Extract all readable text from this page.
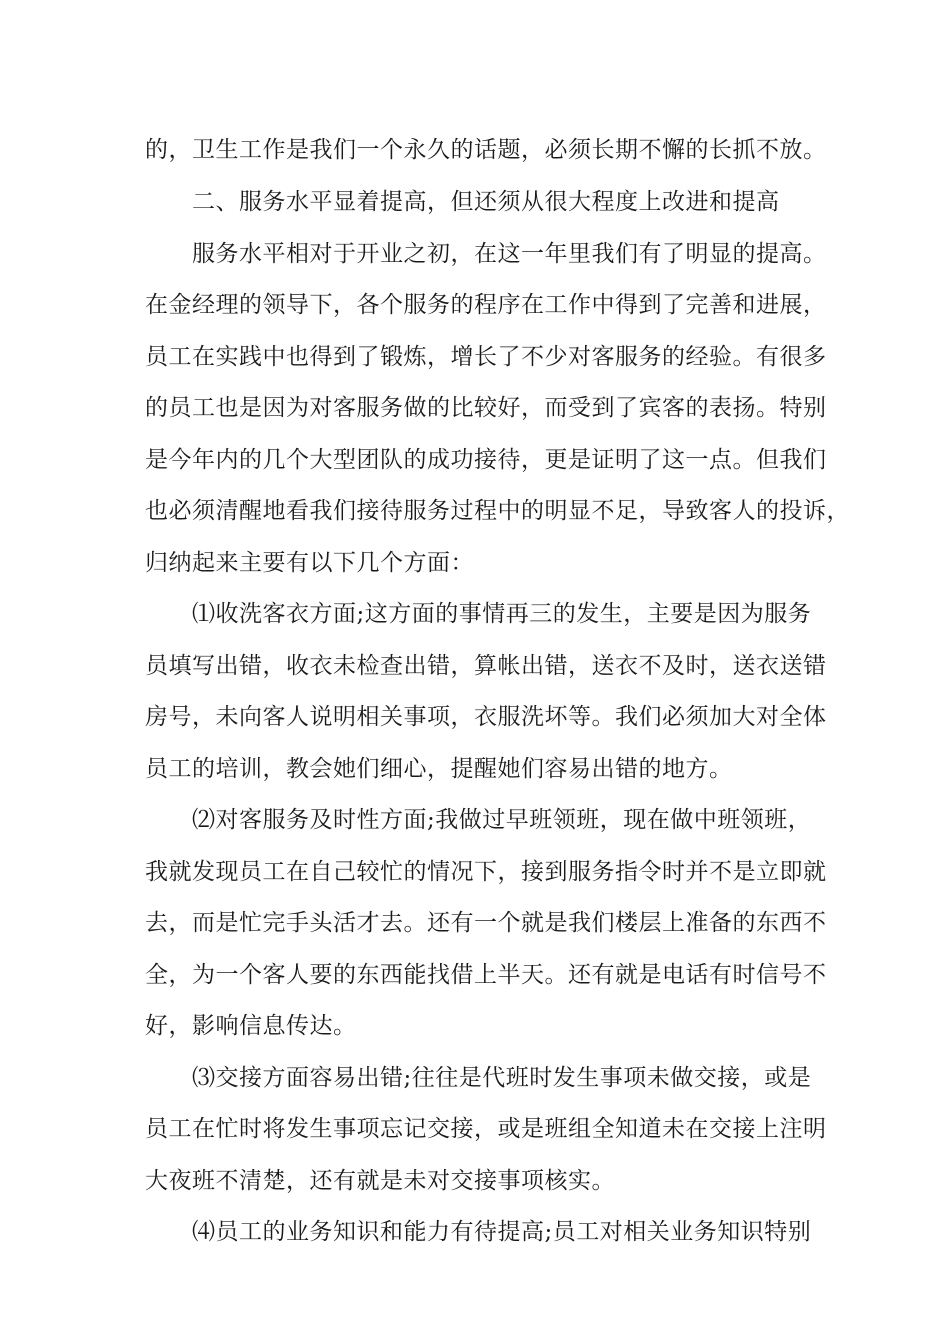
的，卫生工作是我们一个永久的话题，必须长期不懈的长抓不放。
二、服务水平显着提高，但还须从很大程度上改进和提高
服务水平相对于开业之初，在这一年里我们有了明显的提高。
在金经理的领导下，各个服务的程序在工作中得到了完善和进展，
员工在实践中也得到了锻炼，增长了不少对客服务的经验。有很多
的员工也是因为对客服务做的比较好，而受到了宾客的表扬。特别
是今年内的几个大型团队的成功接待，更是证明了这一点。但我们
也必须清醒地看我们接待服务过程中的明显不足，导致客人的投诉，
归纳起来主要有以下几个方面：
⑴收洗客衣方面;这方面的事情再三的发生，主要是因为服务
员填写出错，收衣未检查出错，算帐出错，送衣不及时，送衣送错
房号，未向客人说明相关事项，衣服洗坏等。我们必须加大对全体
员工的培训，教会她们细心，提醒她们容易出错的地方。
⑵对客服务及时性方面;我做过早班领班，现在做中班领班，
我就发现员工在自己较忙的情况下，接到服务指令时并不是立即就
去，而是忙完手头活才去。还有一个就是我们楼层上准备的东西不
全，为一个客人要的东西能找借上半天。还有就是电话有时信号不
好，影响信息传达。
⑶交接方面容易出错;往往是代班时发生事项未做交接，或是
员工在忙时将发生事项忘记交接，或是班组全知道未在交接上注明
大夜班不清楚，还有就是未对交接事项核实。
⑷员工的业务知识和能力有待提高;员工对相关业务知识特别
